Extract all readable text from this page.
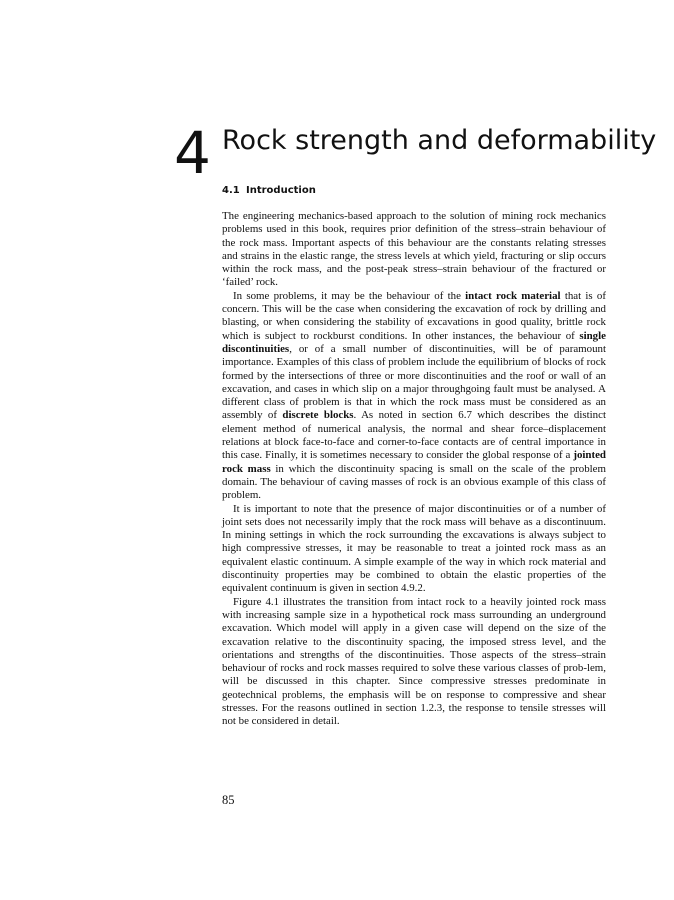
4 Rock strength and deformability
4.1 Introduction

The engineering mechanics-based approach to the solution of mining rock mechanics problems used in this book, requires prior definition of the stress–strain behaviour of the rock mass. Important aspects of this behaviour are the constants relating stresses and strains in the elastic range, the stress levels at which yield, fracturing or slip occurs within the rock mass, and the post-peak stress–strain behaviour of the fractured or ‘failed’ rock.

In some problems, it may be the behaviour of the intact rock material that is of concern. This will be the case when considering the excavation of rock by drilling and blasting, or when considering the stability of excavations in good quality, brittle rock which is subject to rockburst conditions. In other instances, the behaviour of single discontinuities, or of a small number of discontinuities, will be of paramount importance. Examples of this class of problem include the equilibrium of blocks of rock formed by the intersections of three or more discontinuities and the roof or wall of an excavation, and cases in which slip on a major throughgoing fault must be analysed. A different class of problem is that in which the rock mass must be considered as an assembly of discrete blocks. As noted in section 6.7 which describes the distinct element method of numerical analysis, the normal and shear force–displacement relations at block face-to-face and corner-to-face contacts are of central importance in this case. Finally, it is sometimes necessary to consider the global response of a jointed rock mass in which the discontinuity spacing is small on the scale of the problem domain. The behaviour of caving masses of rock is an obvious example of this class of problem.

It is important to note that the presence of major discontinuities or of a number of joint sets does not necessarily imply that the rock mass will behave as a discontinuum. In mining settings in which the rock surrounding the excavations is always subject to high compressive stresses, it may be reasonable to treat a jointed rock mass as an equivalent elastic continuum. A simple example of the way in which rock material and discontinuity properties may be combined to obtain the elastic properties of the equivalent continuum is given in section 4.9.2.

Figure 4.1 illustrates the transition from intact rock to a heavily jointed rock mass with increasing sample size in a hypothetical rock mass surrounding an underground excavation. Which model will apply in a given case will depend on the size of the excavation relative to the discontinuity spacing, the imposed stress level, and the orientations and strengths of the discontinuities. Those aspects of the stress–strain behaviour of rocks and rock masses required to solve these various classes of prob-lem, will be discussed in this chapter. Since compressive stresses predominate in geotechnical problems, the emphasis will be on response to compressive and shear stresses. For the reasons outlined in section 1.2.3, the response to tensile stresses will not be considered in detail.

85
